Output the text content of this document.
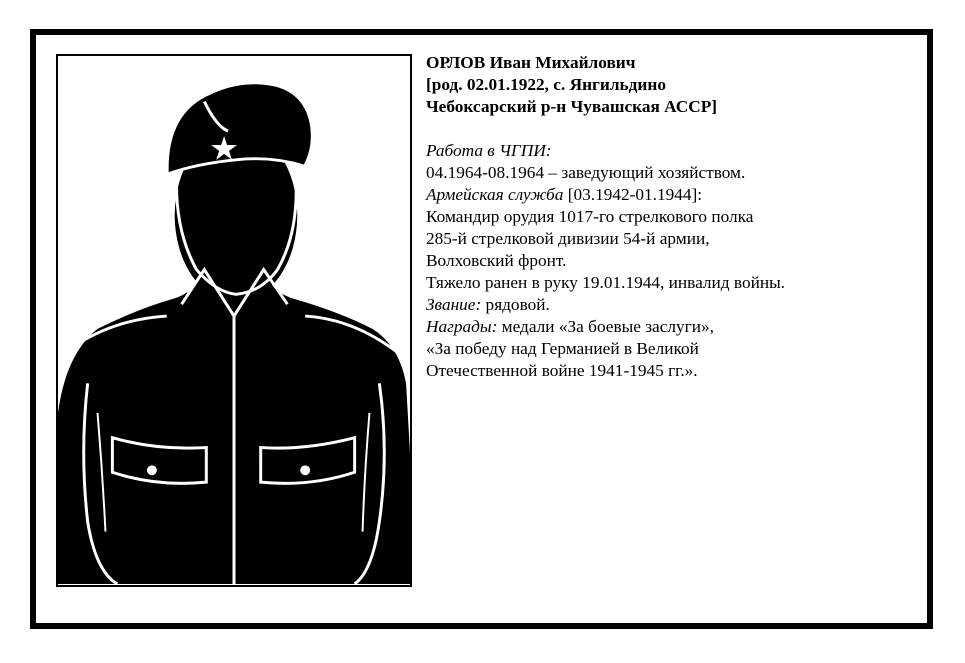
ОРЛОВ Иван Михайлович

[род. 02.01.1922, с. Янгильдино

Чебоксарский р-н Чувашская АССР]

Работа в ЧГПИ:

04.1964-08.1964 – заведующий хозяйством.

Армейская служба [03.1942-01.1944]:

Командир орудия 1017-го стрелкового полка

285-й стрелковой дивизии 54-й армии,

Волховский фронт.

Тяжело ранен в руку 19.01.1944, инвалид войны.

Звание: рядовой.

Награды: медали «За боевые заслуги»,

«За победу над Германией в Великой

Отечественной войне 1941-1945 гг.».
